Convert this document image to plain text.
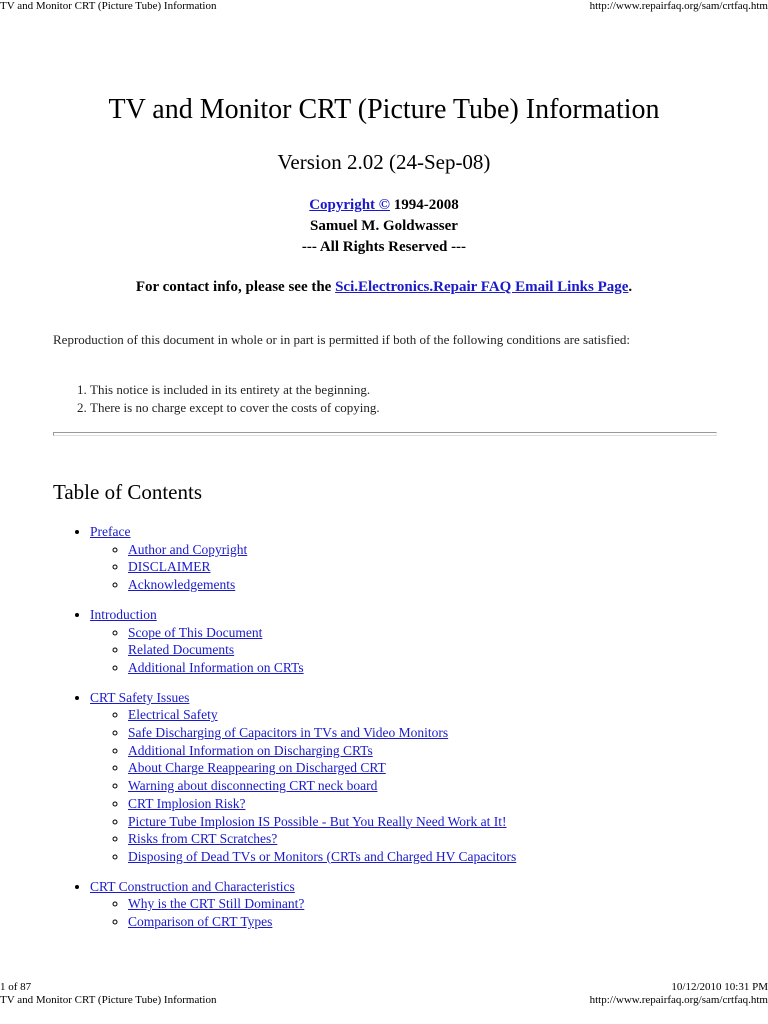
TV and Monitor CRT (Picture Tube) Information	http://www.repairfaq.org/sam/crtfaq.htm
TV and Monitor CRT (Picture Tube) Information

Version 2.02 (24-Sep-08)

Copyright © 1994-2008
Samuel M. Goldwasser
--- All Rights Reserved ---

For contact info, please see the Sci.Electronics.Repair FAQ Email Links Page.

Reproduction of this document in whole or in part is permitted if both of the following conditions are satisfied:

1. This notice is included in its entirety at the beginning.
2. There is no charge except to cover the costs of copying.
Table of Contents
• Preface
◦ Author and Copyright
◦ DISCLAIMER
◦ Acknowledgements
• Introduction
◦ Scope of This Document
◦ Related Documents
◦ Additional Information on CRTs
• CRT Safety Issues
◦ Electrical Safety
◦ Safe Discharging of Capacitors in TVs and Video Monitors
◦ Additional Information on Discharging CRTs
◦ About Charge Reappearing on Discharged CRT
◦ Warning about disconnecting CRT neck board
◦ CRT Implosion Risk?
◦ Picture Tube Implosion IS Possible - But You Really Need Work at It!
◦ Risks from CRT Scratches?
◦ Disposing of Dead TVs or Monitors (CRTs and Charged HV Capacitors
• CRT Construction and Characteristics
◦ Why is the CRT Still Dominant?
◦ Comparison of CRT Types
1 of 87	10/12/2010 10:31 PM
TV and Monitor CRT (Picture Tube) Information	http://www.repairfaq.org/sam/crtfaq.htm
